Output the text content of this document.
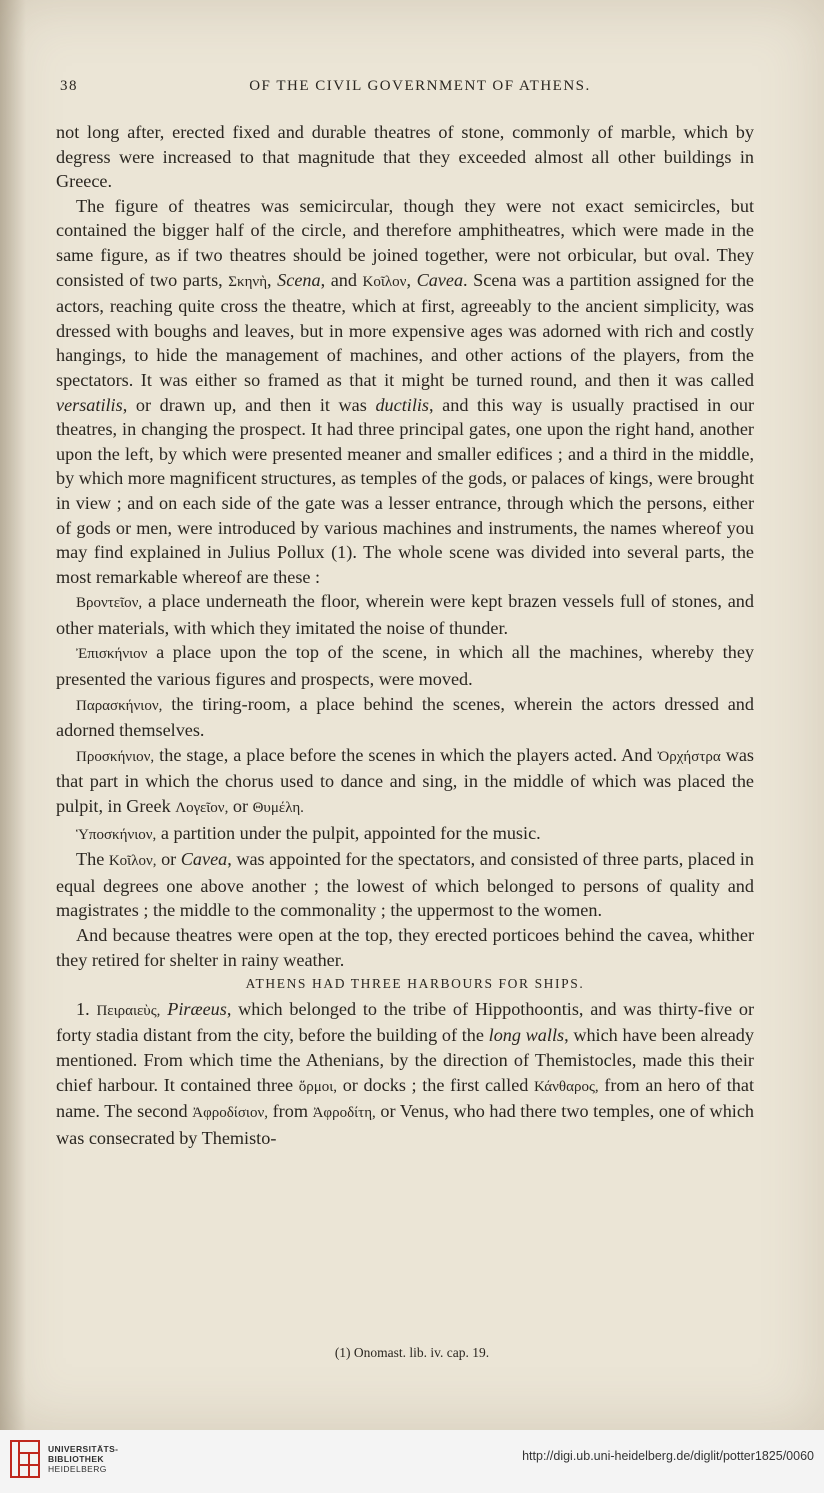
38	OF THE CIVIL GOVERNMENT OF ATHENS.

not long after, erected fixed and durable theatres of stone, commonly of marble, which by degress were increased to that magnitude that they exceeded almost all other buildings in Greece.

The figure of theatres was semicircular, though they were not exact semicircles, but contained the bigger half of the circle, and therefore amphitheatres, which were made in the same figure, as if two theatres should be joined together, were not orbicular, but oval. They consisted of two parts, Σκηνὴ, Scena, and Κοῖλον, Cavea. Scena was a partition assigned for the actors, reaching quite cross the theatre, which at first, agreeably to the ancient simplicity, was dressed with boughs and leaves, but in more expensive ages was adorned with rich and costly hangings, to hide the management of machines, and other actions of the players, from the spectators. It was either so framed as that it might be turned round, and then it was called versatilis, or drawn up, and then it was ductilis, and this way is usually practised in our theatres, in changing the prospect. It had three principal gates, one upon the right hand, another upon the left, by which were presented meaner and smaller edifices ; and a third in the middle, by which more magnificent structures, as temples of the gods, or palaces of kings, were brought in view ; and on each side of the gate was a lesser entrance, through which the persons, either of gods or men, were introduced by various machines and instruments, the names whereof you may find explained in Julius Pollux (1). The whole scene was divided into several parts, the most remarkable whereof are these :

Βροντεῖον, a place underneath the floor, wherein were kept brazen vessels full of stones, and other materials, with which they imitated the noise of thunder.

Ἐπισκήνιον a place upon the top of the scene, in which all the machines, whereby they presented the various figures and prospects, were moved.

Παρασκήνιον, the tiring-room, a place behind the scenes, wherein the actors dressed and adorned themselves.

Προσκήνιον, the stage, a place before the scenes in which the players acted. And Ὀρχήστρα was that part in which the chorus used to dance and sing, in the middle of which was placed the pulpit, in Greek Λογεῖον, or Θυμέλη.

Ὑποσκήνιον, a partition under the pulpit, appointed for the music.

The Κοῖλον, or Cavea, was appointed for the spectators, and consisted of three parts, placed in equal degrees one above another ; the lowest of which belonged to persons of quality and magistrates ; the middle to the commonality ; the uppermost to the women.

And because theatres were open at the top, they erected porticoes behind the cavea, whither they retired for shelter in rainy weather.

ATHENS HAD THREE HARBOURS FOR SHIPS.

1. Πειραιεὺς, Piræeus, which belonged to the tribe of Hippothoontis, and was thirty-five or forty stadia distant from the city, before the building of the long walls, which have been already mentioned. From which time the Athenians, by the direction of Themistocles, made this their chief harbour. It contained three ὅρμοι, or docks ; the first called Κάνθαρος, from an hero of that name. The second Ἀφροδίσιον, from Ἀφροδίτη, or Venus, who had there two temples, one of which was consecrated by Themisto-

(1) Onomast. lib. iv. cap. 19.
UNIVERSITÄTS-
BIBLIOTHEK
HEIDELBERG
http://digi.ub.uni-heidelberg.de/diglit/potter1825/0060
